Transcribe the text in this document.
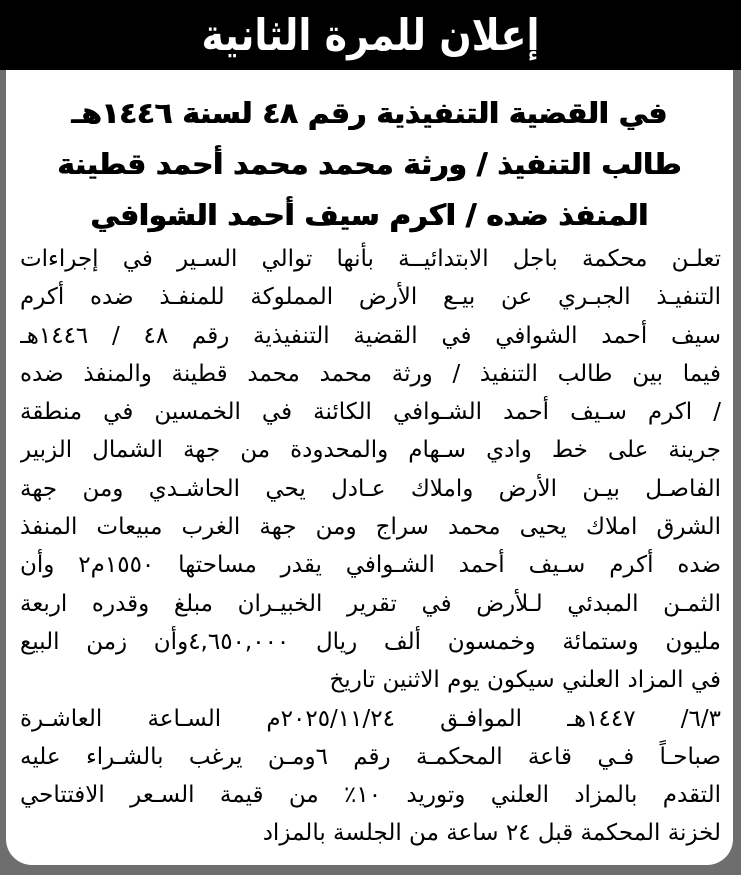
إعلان للمرة الثانية
في القضية التنفيذية رقم ٤٨ لسنة ١٤٤٦هـ
طالب التنفيذ / ورثة محمد محمد أحمد قطينة
المنفذ ضده / اكرم سيف أحمد الشوافي
تعلـن محكمة باجل الابتدائيــة بأنها توالي السـير في إجراءات
التنفيـذ الجبـري عن بيـع الأرض المملوكة للمنفـذ ضده أكرم
سيف أحمد الشوافي في القضية التنفيذية رقم ٤٨ / ١٤٤٦هـ
فيما بين طالب التنفيذ / ورثة محمد محمد قطينة والمنفذ ضده
/ اكرم سـيف أحمد الشـوافي الكائنة في الخمسين في منطقة
جرينة على خط وادي سـهام والمحدودة من جهة الشمال الزبير
الفاصـل بيـن الأرض واملاك عـادل يحي الحاشـدي ومن جهة
الشرق املاك يحيى محمد سراج ومن جهة الغرب مبيعات المنفذ
ضده أكرم سـيف أحمد الشـوافي يقدر مساحتها ١٥٥٠م٢ وأن
الثمـن المبدئي لـلأرض في تقرير الخبيـران مبلغ وقدره اربعة
مليون وستمائة وخمسون ألف ريال ٤,٦٥٠,٠٠٠وأن زمن البيع
في المزاد العلني سيكون يوم الاثنين تاريخ
٦/٣/ ١٤٤٧هـ الموافـق ٢٠٢٥/١١/٢٤م السـاعة العاشـرة
صباحـاً فـي قاعة المحكمـة رقم ٦ومـن يرغب بالشـراء عليه
التقدم بالمزاد العلني وتوريد ١٠٪ من قيمة السـعر الافتتاحي
لخزنة المحكمة قبل ٢٤ ساعة من الجلسة بالمزاد
